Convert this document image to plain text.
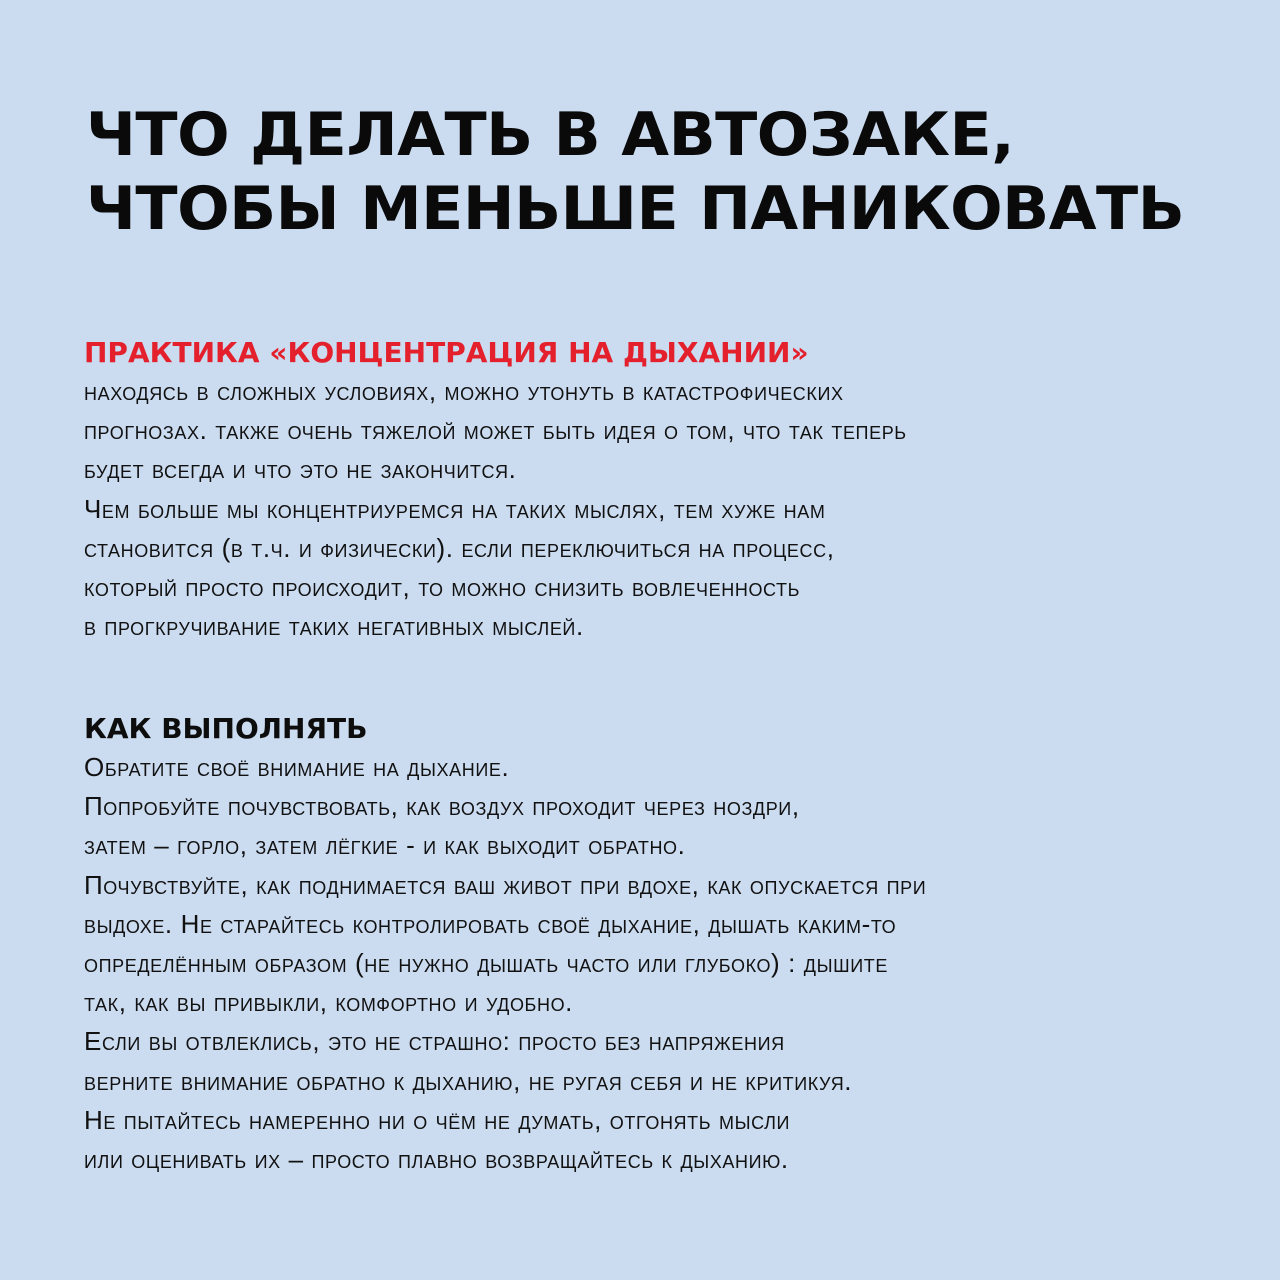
ЧТО ДЕЛАТЬ В АВТОЗАКЕ,
ЧТОБЫ МЕНЬШЕ ПАНИКОВАТЬ
ПРАКТИКА «КОНЦЕНТРАЦИЯ НА ДЫХАНИИ»
находясь в сложных условиях, можно утонуть в катастрофических
прогнозах. также очень тяжелой может быть идея о том, что так теперь
будет всегда и что это не закончится.
Чем больше мы концентриуремся на таких мыслях, тем хуже нам
становится (в т.ч. и физически). если переключиться на процесс,
который просто происходит, то можно снизить вовлеченность
в прогкручивание таких негативных мыслей.
КАК ВЫПОЛНЯТЬ
Обратите своё внимание на дыхание.
Попробуйте почувствовать, как воздух проходит через ноздри,
затем – горло, затем лёгкие - и как выходит обратно.
Почувствуйте, как поднимается ваш живот при вдохе, как опускается при
выдохе. Не старайтесь контролировать своё дыхание, дышать каким-то
определённым образом (не нужно дышать часто или глубоко) : дышите
так, как вы привыкли, комфортно и удобно.
Если вы отвлеклись, это не страшно: просто без напряжения
верните внимание обратно к дыханию, не ругая себя и не критикуя.
Не пытайтесь намеренно ни о чём не думать, отгонять мысли
или оценивать их – просто плавно возвращайтесь к дыханию.
